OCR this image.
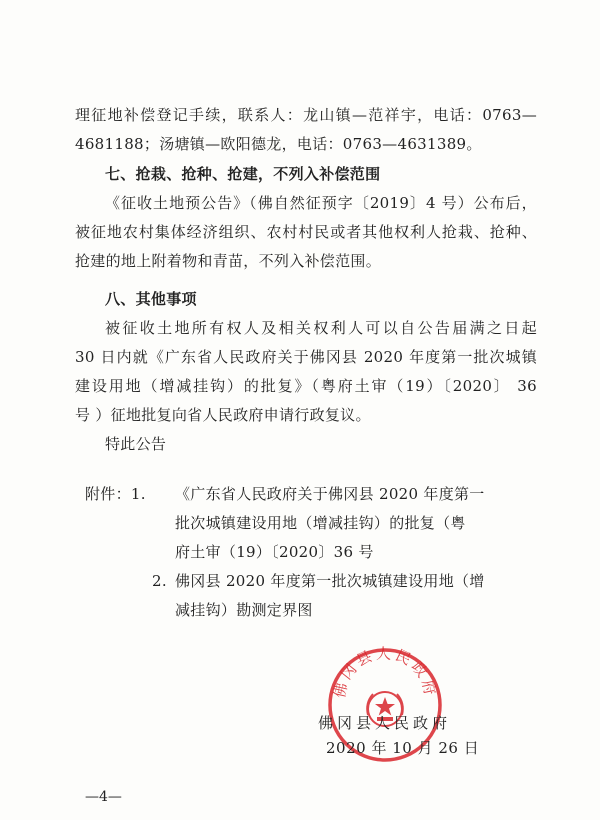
理征地补偿登记手续，联系人：龙山镇—范祥宇，电话：0763—
4681188；汤塘镇—欧阳德龙，电话：0763—4631389。
七、抢栽、抢种、抢建，不列入补偿范围
《征收土地预公告》（佛自然征预字〔2019〕4 号）公布后，
被征地农村集体经济组织、农村村民或者其他权利人抢栽、抢种、
抢建的地上附着物和青苗，不列入补偿范围。
八、其他事项
被征收土地所有权人及相关权利人可以自公告届满之日起
30 日内就《广东省人民政府关于佛冈县 2020 年度第一批次城镇
建设用地（增减挂钩）的批复》（粤府土审（19）〔2020〕 36
号 ）征地批复向省人民政府申请行政复议。
特此公告
附件：1.	《广东省人民政府关于佛冈县 2020 年度第一
批次城镇建设用地（增减挂钩）的批复（粤
府土审（19）〔2020〕36 号
2. 佛冈县 2020 年度第一批次城镇建设用地（增
减挂钩）勘测定界图
佛冈县人民政府
佛冈县人民政府
2020 年 10 月 26 日
—4—
